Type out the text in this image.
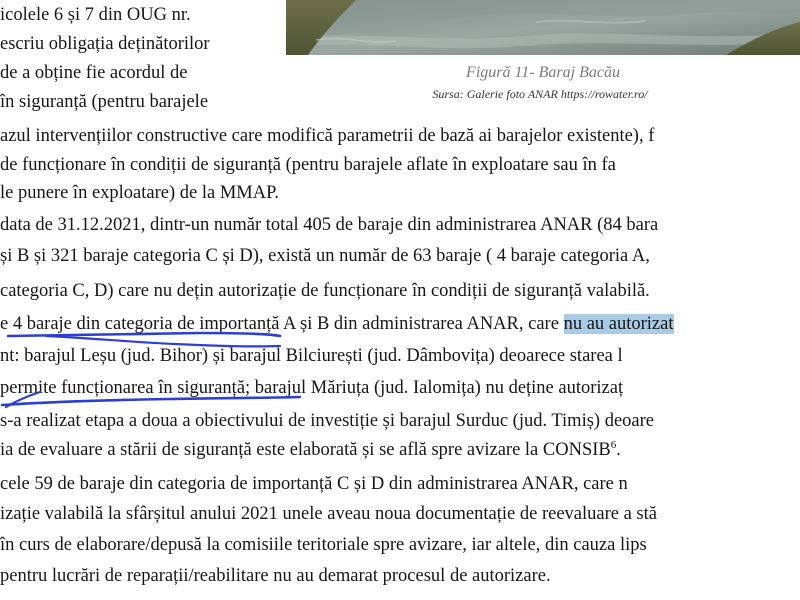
Figură 11- Baraj Bacău
Sursa: Galerie foto ANAR https://rowater.ro/
icolele 6 și 7 din OUG nr.
escriu obligația deținătorilor
de a obține fie acordul de
în siguranță (pentru barajele
azul intervențiilor constructive care modifică parametrii de bază ai barajelor existente), f
de funcționare în condiții de siguranță (pentru barajele aflate în exploatare sau în fa
le punere în exploatare) de la MMAP.
data de 31.12.2021, dintr-un număr total 405 de baraje din administrarea ANAR (84 bara
și B și 321 baraje categoria C și D), există un număr de 63 baraje ( 4 baraje categoria A,
categoria C, D) care nu dețin autorizație de funcționare în condiții de siguranță valabilă.
e 4 baraje din categoria de importanță A și B din administrarea ANAR, care nu au autorizat
nt: barajul Leșu (jud. Bihor) și barajul Bilciurești (jud. Dâmbovița) deoarece starea l
permite funcționarea în siguranță; barajul Măriuța (jud. Ialomița) nu deține autorizaț
s-a realizat etapa a doua a obiectivului de investiție și barajul Surduc (jud. Timiș) deoare
ia de evaluare a stării de siguranță este elaborată și se află spre avizare la CONSIB$^6$.
cele 59 de baraje din categoria de importanță C și D din administrarea ANAR, care n
izație valabilă la sfârșitul anului 2021 unele aveau noua documentație de reevaluare a stă
în curs de elaborare/depusă la comisiile teritoriale spre avizare, iar altele, din cauza lips
pentru lucrări de reparații/reabilitare nu au demarat procesul de autorizare.
